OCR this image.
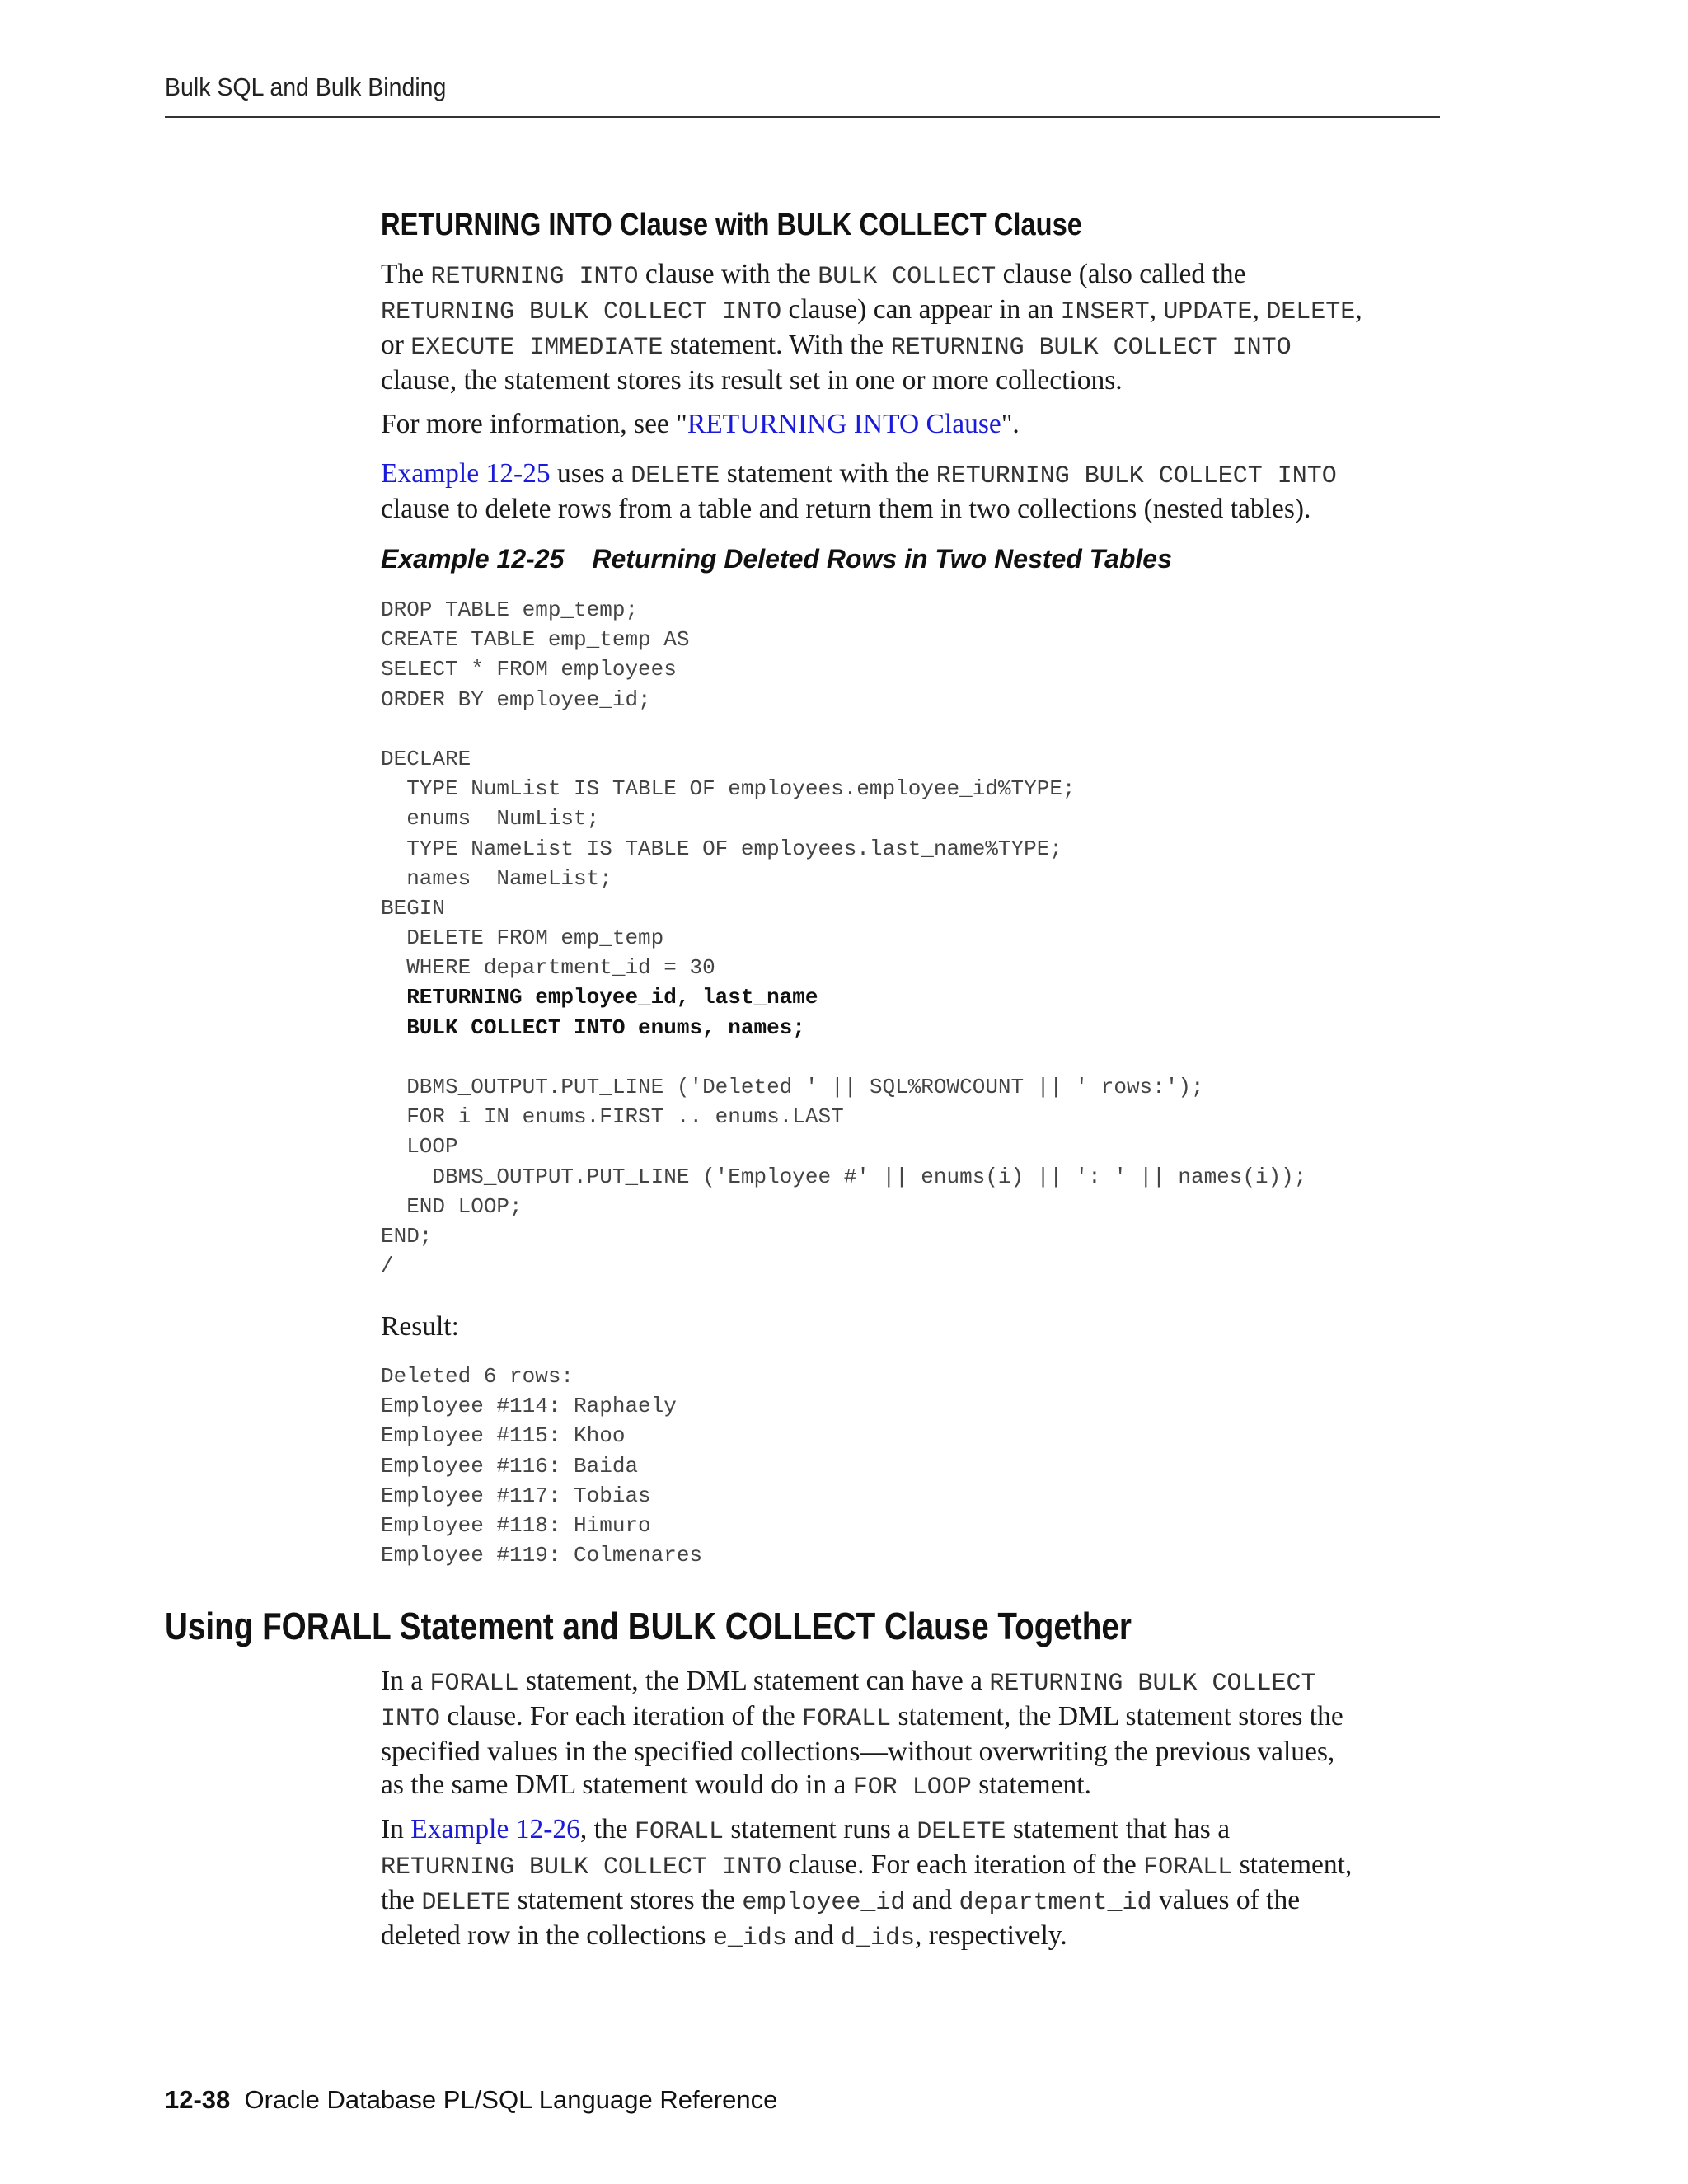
Bulk SQL and Bulk Binding
RETURNING INTO Clause with BULK COLLECT Clause

The RETURNING INTO clause with the BULK COLLECT clause (also called the
RETURNING BULK COLLECT INTO clause) can appear in an INSERT, UPDATE, DELETE,
or EXECUTE IMMEDIATE statement. With the RETURNING BULK COLLECT INTO
clause, the statement stores its result set in one or more collections.

For more information, see "RETURNING INTO Clause".

Example 12-25 uses a DELETE statement with the RETURNING BULK COLLECT INTO
clause to delete rows from a table and return them in two collections (nested tables).

Example 12-25 Returning Deleted Rows in Two Nested Tables
DROP TABLE emp_temp;
CREATE TABLE emp_temp AS
SELECT * FROM employees
ORDER BY employee_id;
DECLARE
TYPE NumList IS TABLE OF employees.employee_id%TYPE;
enums  NumList;
TYPE NameList IS TABLE OF employees.last_name%TYPE;
names  NameList;
BEGIN
DELETE FROM emp_temp
WHERE department_id = 30
RETURNING employee_id, last_name
BULK COLLECT INTO enums, names;
DBMS_OUTPUT.PUT_LINE ('Deleted ' || SQL%ROWCOUNT || ' rows:');
FOR i IN enums.FIRST .. enums.LAST
LOOP
DBMS_OUTPUT.PUT_LINE ('Employee #' || enums(i) || ': ' || names(i));
END LOOP;
END;
/

Result:

Deleted 6 rows:
Employee #114: Raphaely
Employee #115: Khoo
Employee #116: Baida
Employee #117: Tobias
Employee #118: Himuro
Employee #119: Colmenares
Using FORALL Statement and BULK COLLECT Clause Together

In a FORALL statement, the DML statement can have a RETURNING BULK COLLECT
INTO clause. For each iteration of the FORALL statement, the DML statement stores the
specified values in the specified collections—without overwriting the previous values,
as the same DML statement would do in a FOR LOOP statement.

In Example 12-26, the FORALL statement runs a DELETE statement that has a
RETURNING BULK COLLECT INTO clause. For each iteration of the FORALL statement,
the DELETE statement stores the employee_id and department_id values of the
deleted row in the collections e_ids and d_ids, respectively.

12-38 Oracle Database PL/SQL Language Reference
